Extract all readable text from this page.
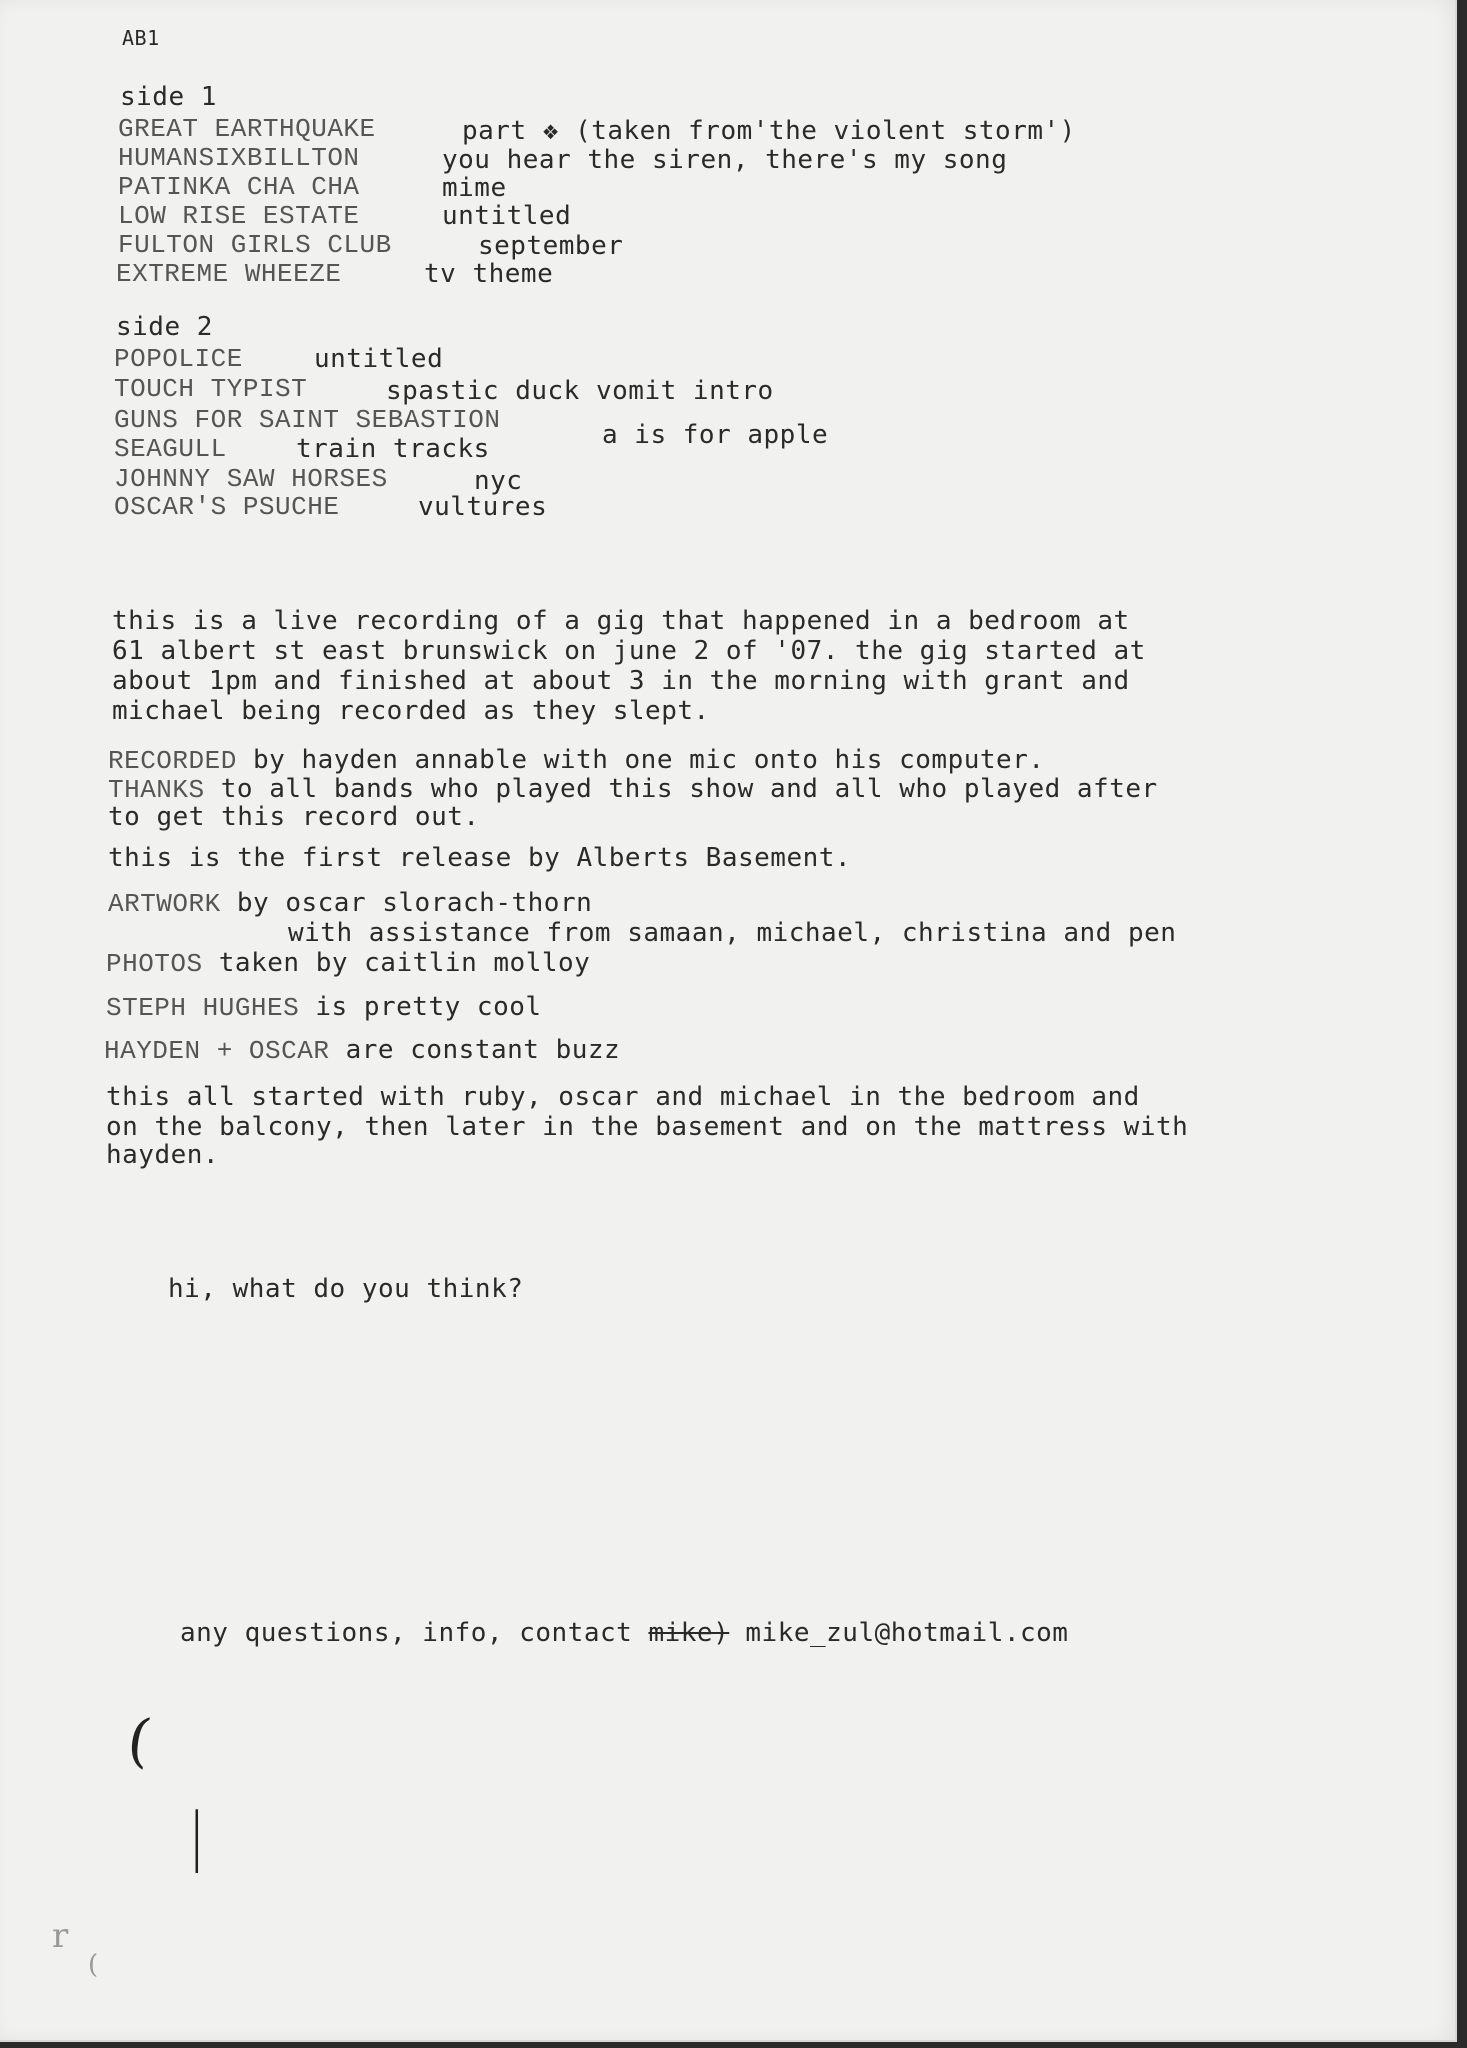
AB1
side 1
GREAT EARTHQUAKE	part ❖ (taken from'the violent storm')
HUMANSIXBILLTON	you hear the siren, there's my song
PATINKA CHA CHA	mime
LOW RISE ESTATE	untitled
FULTON GIRLS CLUB	september
EXTREME WHEEZE	tv theme
side 2
POPOLICE	untitled
TOUCH TYPIST	spastic duck vomit intro
GUNS FOR SAINT SEBASTION	a is for apple
SEAGULL	train tracks
JOHNNY SAW HORSES	nyc
OSCAR'S PSUCHE	vultures
this is a live recording of a gig that happened in a bedroom at
61 albert st east brunswick on june 2 of '07. the gig started at
about 1pm and finished at about 3 in the morning with grant and
michael being recorded as they slept.
RECORDED by hayden annable with one mic onto his computer.
THANKS to all bands who played this show and all who played after
to get this record out.
this is the first release by Alberts Basement.
ARTWORK by oscar slorach-thorn
with assistance from samaan, michael, christina and pen
PHOTOS taken by caitlin molloy
STEPH HUGHES is pretty cool
HAYDEN + OSCAR are constant buzz
this all started with ruby, oscar and michael in the bedroom and
on the balcony, then later in the basement and on the mattress with
hayden.
hi, what do you think?
any questions, info, contact mike) mike_zul@hotmail.com
(
|
r
(
